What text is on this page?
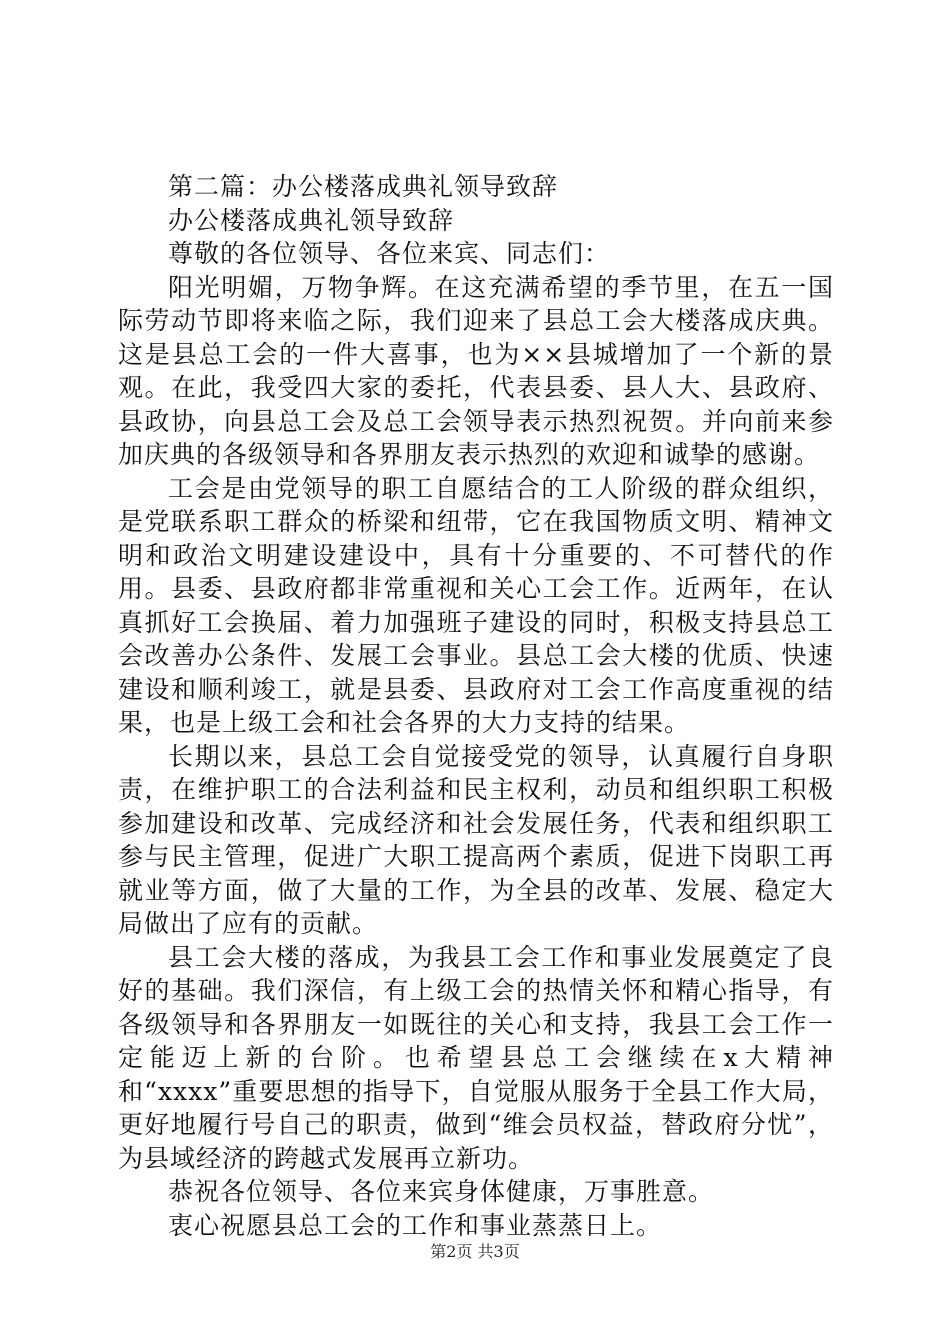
第二篇：办公楼落成典礼领导致辞

办公楼落成典礼领导致辞

尊敬的各位领导、各位来宾、同志们：

阳光明媚，万物争辉。在这充满希望的季节里，在五一国际劳动节即将来临之际，我们迎来了县总工会大楼落成庆典。这是县总工会的一件大喜事，也为××县城增加了一个新的景观。在此，我受四大家的委托，代表县委、县人大、县政府、县政协，向县总工会及总工会领导表示热烈祝贺。并向前来参加庆典的各级领导和各界朋友表示热烈的欢迎和诚挚的感谢。

工会是由党领导的职工自愿结合的工人阶级的群众组织，是党联系职工群众的桥梁和纽带，它在我国物质文明、精神文明和政治文明建设建设中，具有十分重要的、不可替代的作用。县委、县政府都非常重视和关心工会工作。近两年，在认真抓好工会换届、着力加强班子建设的同时，积极支持县总工会改善办公条件、发展工会事业。县总工会大楼的优质、快速建设和顺利竣工，就是县委、县政府对工会工作高度重视的结果，也是上级工会和社会各界的大力支持的结果。

长期以来，县总工会自觉接受党的领导，认真履行自身职责，在维护职工的合法利益和民主权利，动员和组织职工积极参加建设和改革、完成经济和社会发展任务，代表和组织职工参与民主管理，促进广大职工提高两个素质，促进下岗职工再就业等方面，做了大量的工作，为全县的改革、发展、稳定大局做出了应有的贡献。

县工会大楼的落成，为我县工会工作和事业发展奠定了良好的基础。我们深信，有上级工会的热情关怀和精心指导，有各级领导和各界朋友一如既往的关心和支持，我县工会工作一定能迈上新的台阶。也希望县总工会继续在x大精神和“xxxx”重要思想的指导下，自觉服从服务于全县工作大局，更好地履行号自己的职责，做到“维会员权益，替政府分忧”，为县域经济的跨越式发展再立新功。

恭祝各位领导、各位来宾身体健康，万事胜意。

衷心祝愿县总工会的工作和事业蒸蒸日上。

第2页 共3页
